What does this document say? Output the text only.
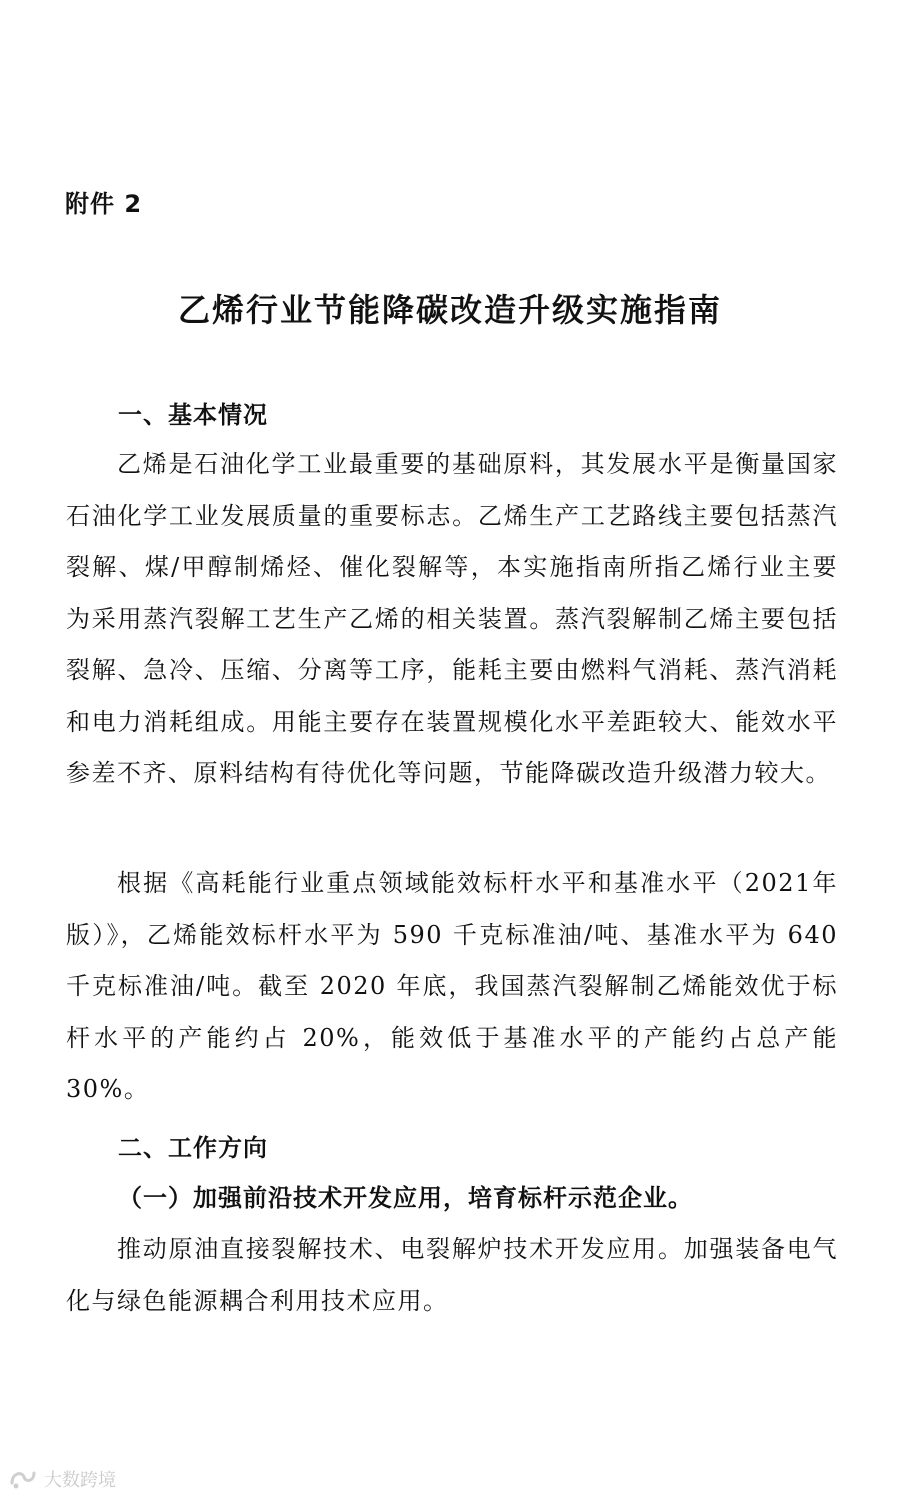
附件 2

乙烯行业节能降碳改造升级实施指南
一、基本情况

乙烯是石油化学工业最重要的基础原料，其发展水平是衡量国家石油化学工业发展质量的重要标志。乙烯生产工艺路线主要包括蒸汽裂解、煤/甲醇制烯烃、催化裂解等，本实施指南所指乙烯行业主要为采用蒸汽裂解工艺生产乙烯的相关装置。蒸汽裂解制乙烯主要包括裂解、急冷、压缩、分离等工序，能耗主要由燃料气消耗、蒸汽消耗和电力消耗组成。用能主要存在装置规模化水平差距较大、能效水平参差不齐、原料结构有待优化等问题，节能降碳改造升级潜力较大。

根据《高耗能行业重点领域能效标杆水平和基准水平（2021年版）》，乙烯能效标杆水平为 590 千克标准油/吨、基准水平为 640 千克标准油/吨。截至 2020 年底，我国蒸汽裂解制乙烯能效优于标杆水平的产能约占 20%，能效低于基准水平的产能约占总产能 30%。

二、工作方向
（一）加强前沿技术开发应用，培育标杆示范企业。

推动原油直接裂解技术、电裂解炉技术开发应用。加强装备电气化与绿色能源耦合利用技术应用。

大数跨境
